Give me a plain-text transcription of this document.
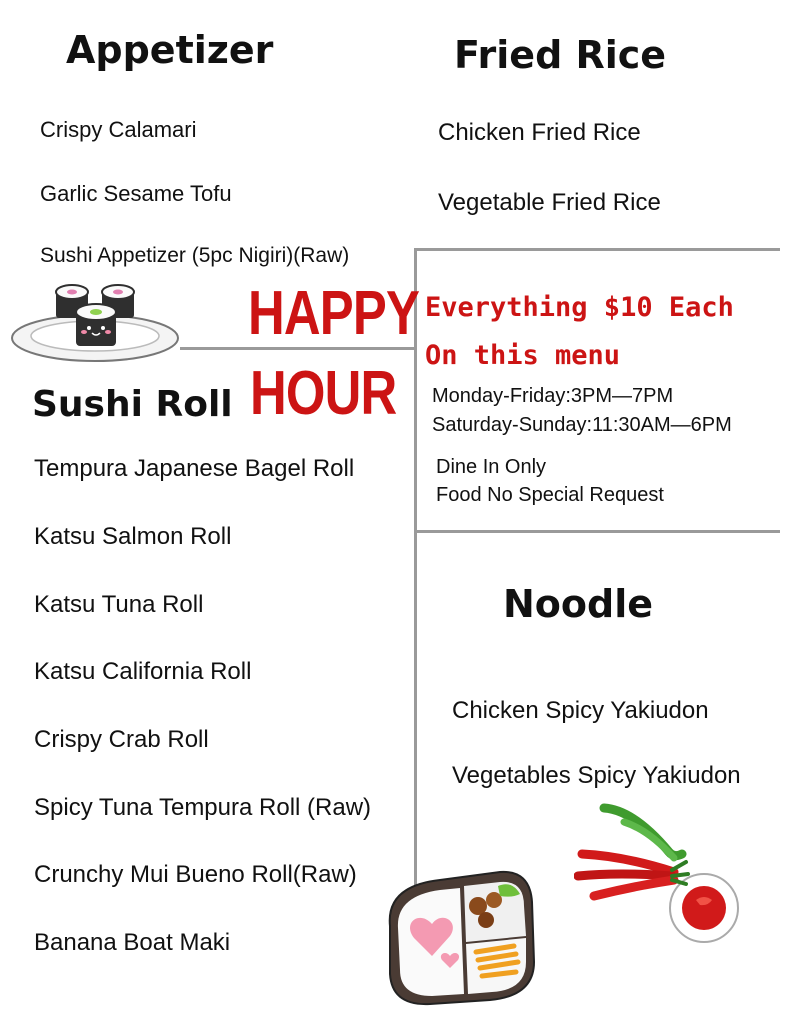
Appetizer
Crispy Calamari
Garlic Sesame Tofu
Sushi Appetizer (5pc Nigiri)(Raw)
Fried Rice
Chicken Fried Rice
Vegetable Fried Rice
HAPPY
HOUR
Everything $10 Each
On this menu
Monday-Friday:3PM—7PM
Saturday-Sunday:11:30AM—6PM
Dine In Only
Food No Special Request
Sushi Roll
Tempura Japanese Bagel Roll
Katsu Salmon Roll
Katsu Tuna Roll
Katsu California Roll
Crispy Crab Roll
Spicy Tuna Tempura Roll (Raw)
Crunchy Mui Bueno Roll(Raw)
Banana Boat Maki
Noodle
Chicken Spicy Yakiudon
Vegetables Spicy Yakiudon
